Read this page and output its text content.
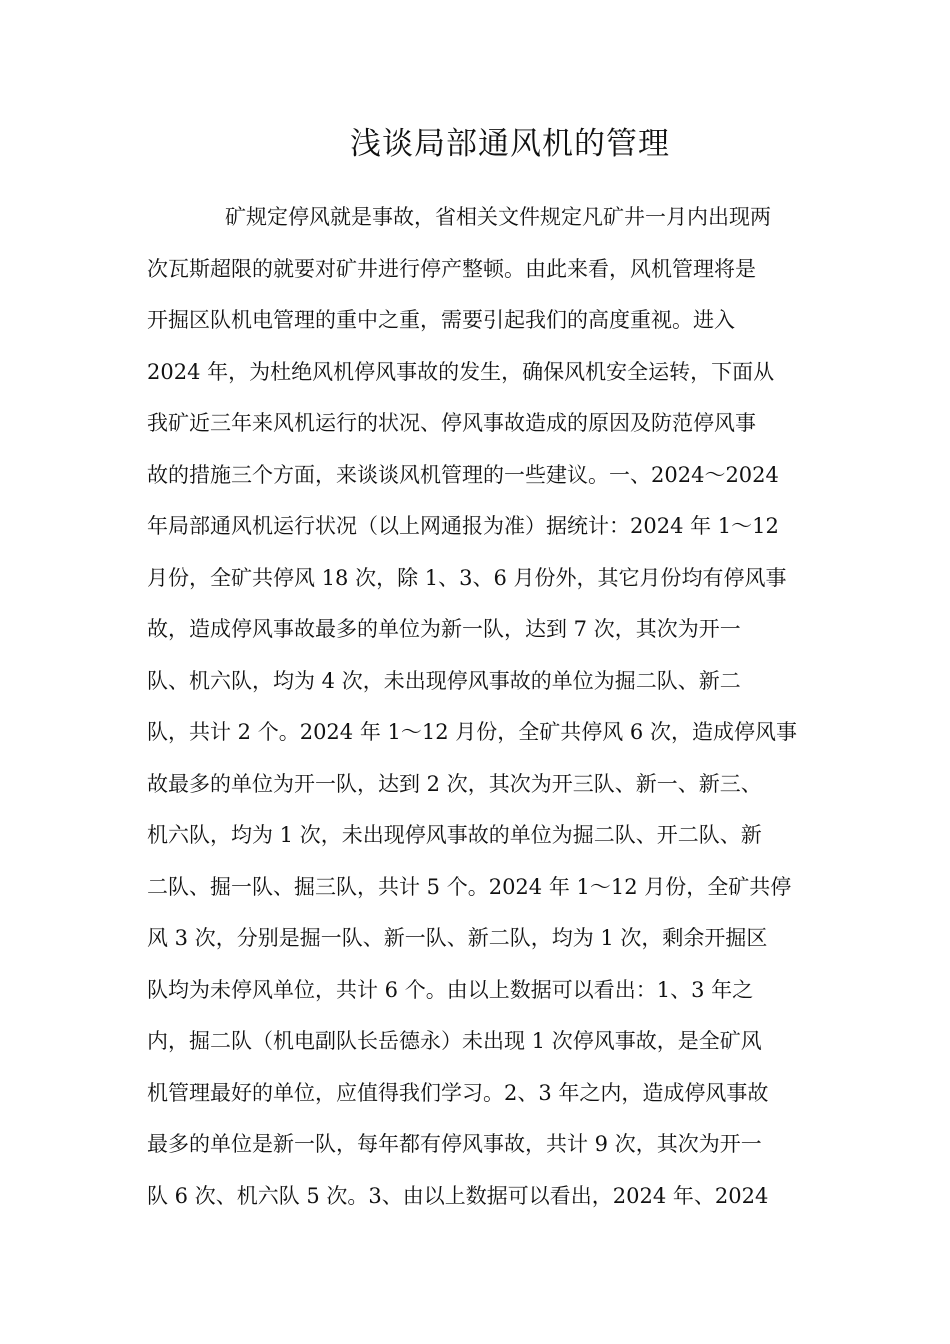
浅谈局部通风机的管理
矿规定停风就是事故，省相关文件规定凡矿井一月内出现两
次瓦斯超限的就要对矿井进行停产整顿。由此来看，风机管理将是
开掘区队机电管理的重中之重，需要引起我们的高度重视。进入
2024 年，为杜绝风机停风事故的发生，确保风机安全运转，下面从
我矿近三年来风机运行的状况、停风事故造成的原因及防范停风事
故的措施三个方面，来谈谈风机管理的一些建议。一、2024～2024
年局部通风机运行状况（以上网通报为准）据统计：2024 年 1～12
月份，全矿共停风 18 次，除 1、3、6 月份外，其它月份均有停风事
故，造成停风事故最多的单位为新一队，达到 7 次，其次为开一
队、机六队，均为 4 次，未出现停风事故的单位为掘二队、新二
队，共计 2 个。2024 年 1～12 月份，全矿共停风 6 次，造成停风事
故最多的单位为开一队，达到 2 次，其次为开三队、新一、新三、
机六队，均为 1 次，未出现停风事故的单位为掘二队、开二队、新
二队、掘一队、掘三队，共计 5 个。2024 年 1～12 月份，全矿共停
风 3 次，分别是掘一队、新一队、新二队，均为 1 次，剩余开掘区
队均为未停风单位，共计 6 个。由以上数据可以看出：1、3 年之
内，掘二队（机电副队长岳德永）未出现 1 次停风事故，是全矿风
机管理最好的单位，应值得我们学习。2、3 年之内，造成停风事故
最多的单位是新一队，每年都有停风事故，共计 9 次，其次为开一
队 6 次、机六队 5 次。3、由以上数据可以看出，2024 年、2024
